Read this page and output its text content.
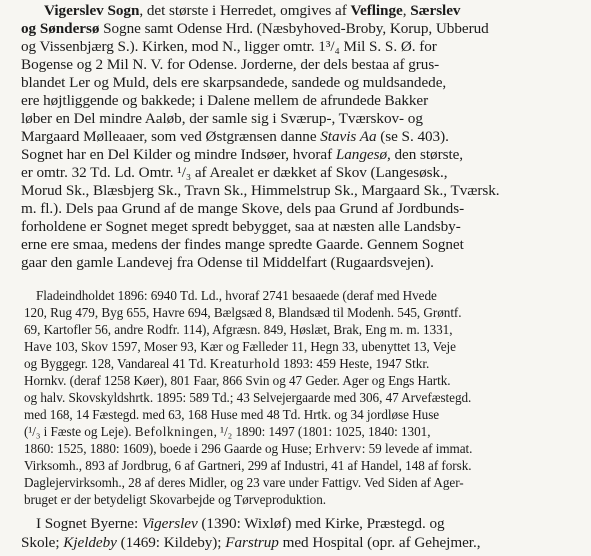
Vigerslev Sogn, det største i Herredet, omgives af Veflinge, Særslev
og Søndersø Sogne samt Odense Hrd. (Næsbyhoved-Broby, Korup, Ubberud
og Vissenbjærg S.). Kirken, mod N., ligger omtr. 1³/₄ Mil S. S. Ø. for
Bogense og 2 Mil N. V. for Odense. Jorderne, der dels bestaa af grus-
blandet Ler og Muld, dels ere skarpsandede, sandede og muldsandede,
ere højtliggende og bakkede; i Dalene mellem de afrundede Bakker
løber en Del mindre Aaløb, der samle sig i Sværup-, Tværskov- og
Margaard Mølleaaer, som ved Østgrænsen danne Stavis Aa (se S. 403).
Sognet har en Del Kilder og mindre Indsøer, hvoraf Langesø, den største,
er omtr. 32 Td. Ld. Omtr. ¹/₃ af Arealet er dækket af Skov (Langesøsk.,
Morud Sk., Blæsbjerg Sk., Travn Sk., Himmelstrup Sk., Margaard Sk., Tværsk.
m. fl.). Dels paa Grund af de mange Skove, dels paa Grund af Jordbunds-
forholdene er Sognet meget spredt bebygget, saa at næsten alle Landsby-
erne ere smaa, medens der findes mange spredte Gaarde. Gennem Sognet
gaar den gamle Landevej fra Odense til Middelfart (Rugaardsvejen).
Fladeindholdet 1896: 6940 Td. Ld., hvoraf 2741 besaaede (deraf med Hvede
120, Rug 479, Byg 655, Havre 694, Bælgsæd 8, Blandsæd til Modenh. 545, Grøntf.
69, Kartofler 56, andre Rodfr. 114), Afgræsn. 849, Høslæt, Brak, Eng m. m. 1331,
Have 103, Skov 1597, Moser 93, Kær og Fælleder 11, Hegn 33, ubenyttet 13, Veje
og Byggegr. 128, Vandareal 41 Td. Kreaturhold 1893: 459 Heste, 1947 Stkr.
Hornkv. (deraf 1258 Køer), 801 Faar, 866 Svin og 47 Geder. Ager og Engs Hartk.
og halv. Skovskyldshrtk. 1895: 589 Td.; 43 Selvejergaarde med 306, 47 Arvefæstegd.
med 168, 14 Fæstegd. med 63, 168 Huse med 48 Td. Hrtk. og 34 jordløse Huse
(¹/₃ i Fæste og Leje). Befolkningen, ¹/₂ 1890: 1497 (1801: 1025, 1840: 1301,
1860: 1525, 1880: 1609), boede i 296 Gaarde og Huse; Erhverv: 59 levede af immat.
Virksomh., 893 af Jordbrug, 6 af Gartneri, 299 af Industri, 41 af Handel, 148 af forsk.
Daglejervirksomh., 28 af deres Midler, og 23 vare under Fattigv. Ved Siden af Ager-
bruget er der betydeligt Skovarbejde og Tørveproduktion.
I Sognet Byerne: Vigerslev (1390: Wixløf) med Kirke, Præstegd. og
Skole; Kjeldeby (1469: Kildeby); Farstrup med Hospital (opr. af Gehejmer.,
